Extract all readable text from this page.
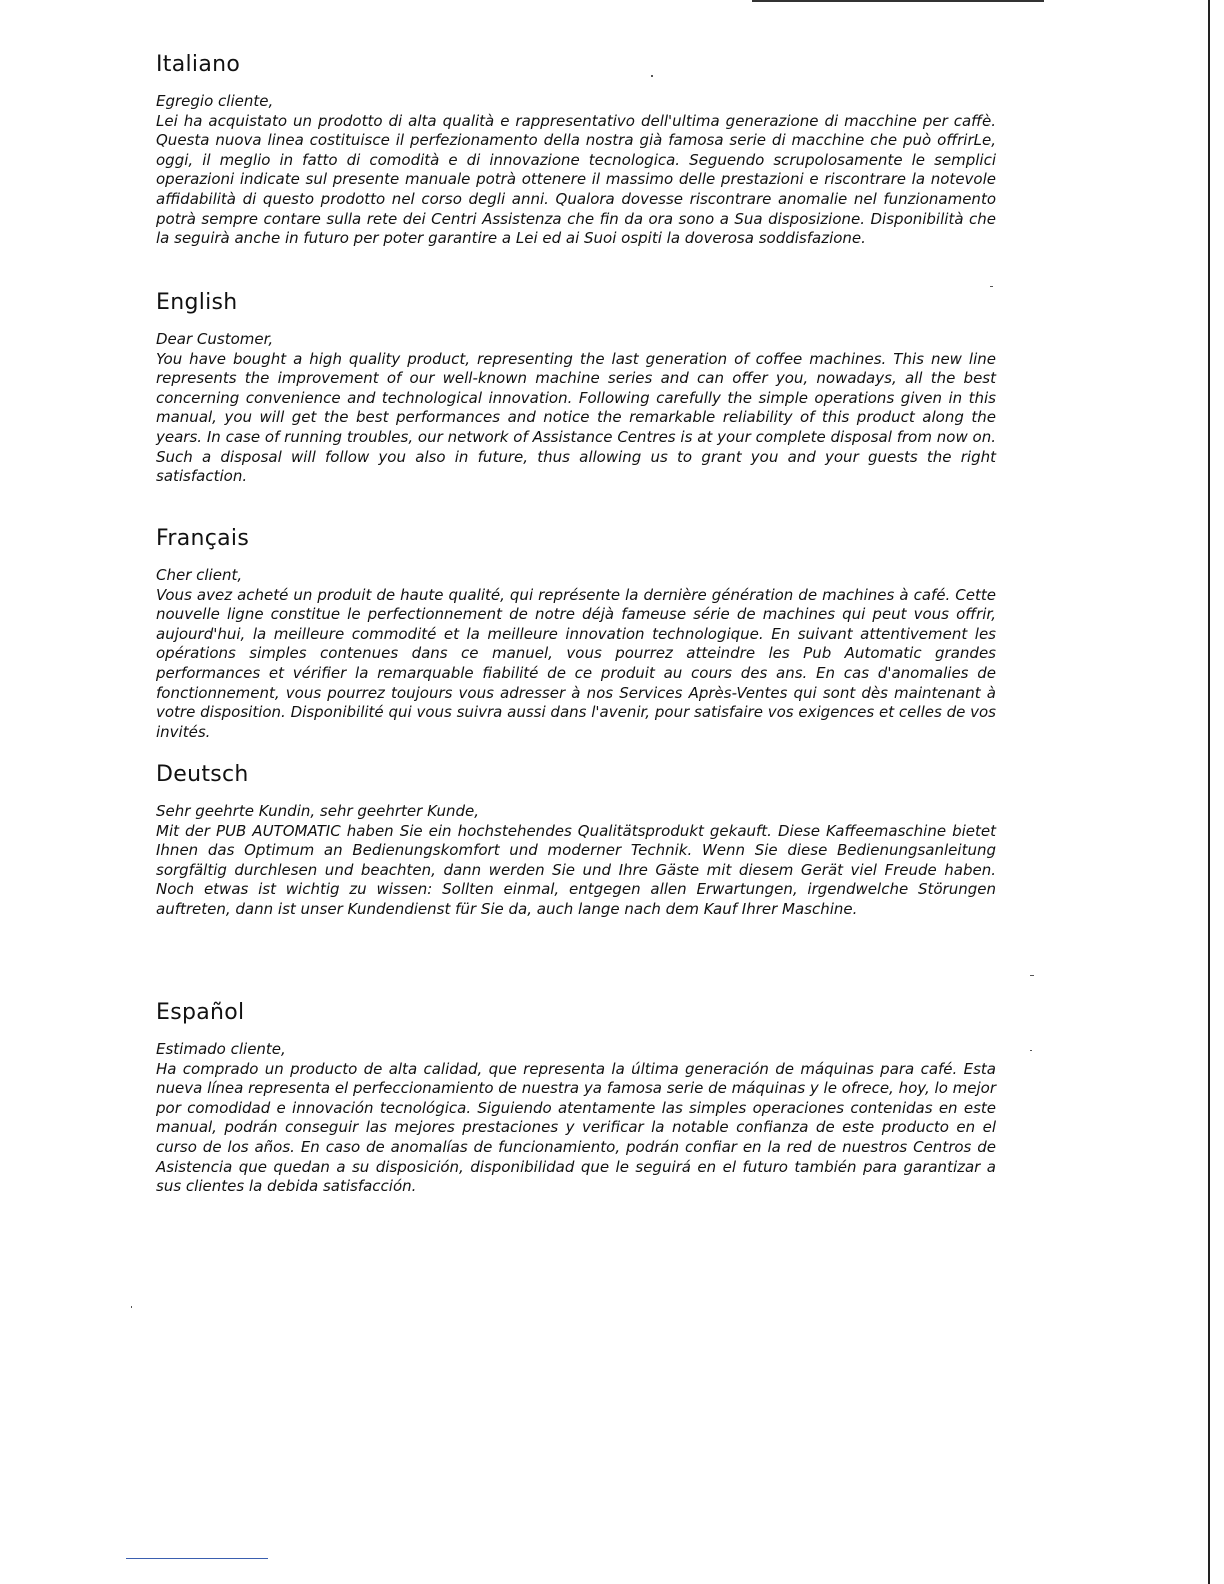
Italiano

Egregio cliente,

Lei ha acquistato un prodotto di alta qualità e rappresentativo dell'ultima generazione di macchine per caffè. Questa nuova linea costituisce il perfezionamento della nostra già famosa serie di macchine che può offrirLe, oggi, il meglio in fatto di comodità e di innovazione tecnologica. Seguendo scrupolosamente le semplici operazioni indicate sul presente manuale potrà ottenere il massimo delle prestazioni e riscontrare la notevole affidabilità di questo prodotto nel corso degli anni. Qualora dovesse riscontrare anomalie nel funzionamento potrà sempre contare sulla rete dei Centri Assistenza che fin da ora sono a Sua disposizione. Disponibilità che la seguirà anche in futuro per poter garantire a Lei ed ai Suoi ospiti la doverosa soddisfazione.

English

Dear Customer,

You have bought a high quality product, representing the last generation of coffee machines. This new line represents the improvement of our well-known machine series and can offer you, nowadays, all the best concerning convenience and technological innovation. Following carefully the simple operations given in this manual, you will get the best performances and notice the remarkable reliability of this product along the years. In case of running troubles, our network of Assistance Centres is at your complete disposal from now on. Such a disposal will follow you also in future, thus allowing us to grant you and your guests the right satisfaction.

Français

Cher client,

Vous avez acheté un produit de haute qualité, qui représente la dernière génération de machines à café. Cette nouvelle ligne constitue le perfectionnement de notre déjà fameuse série de machines qui peut vous offrir, aujourd'hui, la meilleure commodité et la meilleure innovation technologique. En suivant attentivement les opérations simples contenues dans ce manuel, vous pourrez atteindre les Pub Automatic grandes performances et vérifier la remarquable fiabilité de ce produit au cours des ans. En cas d'anomalies de fonctionnement, vous pourrez toujours vous adresser à nos Services Après-Ventes qui sont dès maintenant à votre disposition. Disponibilité qui vous suivra aussi dans l'avenir, pour satisfaire vos exigences et celles de vos invités.

Deutsch

Sehr geehrte Kundin, sehr geehrter Kunde,

Mit der PUB AUTOMATIC haben Sie ein hochstehendes Qualitätsprodukt gekauft. Diese Kaffeemaschine bietet Ihnen das Optimum an Bedienungskomfort und moderner Technik. Wenn Sie diese Bedienungsanleitung sorgfältig durchlesen und beachten, dann werden Sie und Ihre Gäste mit diesem Gerät viel Freude haben. Noch etwas ist wichtig zu wissen: Sollten einmal, entgegen allen Erwartungen, irgendwelche Störungen auftreten, dann ist unser Kundendienst für Sie da, auch lange nach dem Kauf Ihrer Maschine.

Español

Estimado cliente,

Ha comprado un producto de alta calidad, que representa la última generación de máquinas para café. Esta nueva línea representa el perfeccionamiento de nuestra ya famosa serie de máquinas y le ofrece, hoy, lo mejor por comodidad e innovación tecnológica. Siguiendo atentamente las simples operaciones contenidas en este manual, podrán conseguir las mejores prestaciones y verificar la notable confianza de este producto en el curso de los años. En caso de anomalías de funcionamiento, podrán confiar en la red de nuestros Centros de Asistencia que quedan a su disposición, disponibilidad que le seguirá en el futuro también para garantizar a sus clientes la debida satisfacción.
